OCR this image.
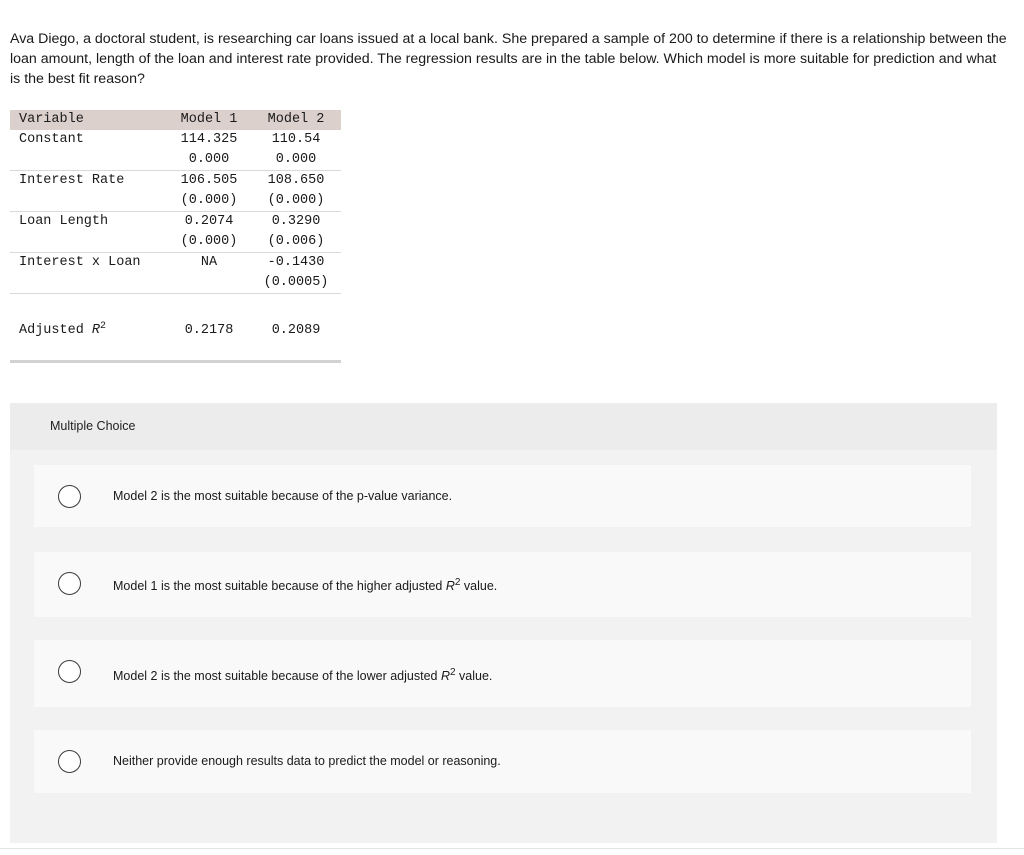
Ava Diego, a doctoral student, is researching car loans issued at a local bank. She prepared a sample of 200 to determine if there is a relationship between the loan amount, length of the loan and interest rate provided. The regression results are in the table below. Which model is more suitable for prediction and what is the best fit reason?

Variable	Model 1	Model 2
Constant	114.325	110.54
	0.000	0.000
Interest Rate	106.505	108.650
	(0.000)	(0.000)
Loan Length	0.2074	0.3290
	(0.000)	(0.006)
Interest x Loan	NA	-0.1430
		(0.0005)

Adjusted $R^2$	0.2178	0.2089

Multiple Choice
Model 2 is the most suitable because of the p-value variance.
Model 1 is the most suitable because of the higher adjusted $R^2$ value.
Model 2 is the most suitable because of the lower adjusted $R^2$ value.
Neither provide enough results data to predict the model or reasoning.
